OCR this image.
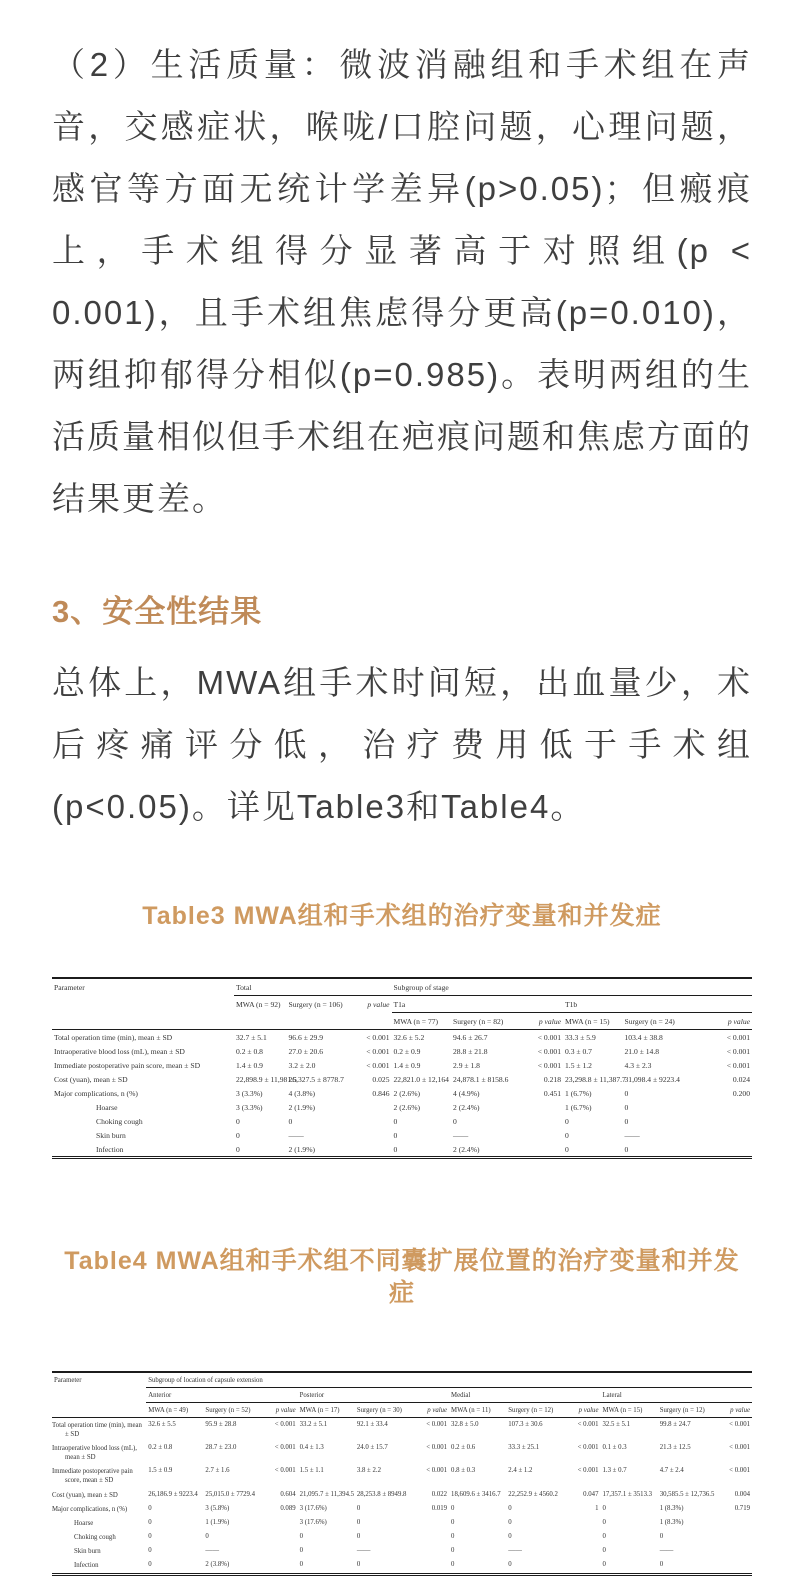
（2）生活质量：微波消融组和手术组在声音，交感症状，喉咙/口腔问题，心理问题，感官等方面无统计学差异(p>0.05)；但瘢痕上，手术组得分显著高于对照组(p < 0.001)，且手术组焦虑得分更高(p=0.010)，两组抑郁得分相似(p=0.985)。表明两组的生活质量相似但手术组在疤痕问题和焦虑方面的结果更差。

3、安全性结果

总体上，MWA组手术时间短，出血量少，术后疼痛评分低，治疗费用低于手术组(p<0.05)。详见Table3和Table4。

Table3 MWA组和手术组的治疗变量和并发症
Parameter	Total			Subgroup of stage					
	MWA (n = 92)	Surgery (n = 106)	p value	T1a			T1b		
				MWA (n = 77)	Surgery (n = 82)	p value	MWA (n = 15)	Surgery (n = 24)	p value
Total operation time (min), mean ± SD	32.7 ± 5.1	96.6 ± 29.9	< 0.001	32.6 ± 5.2	94.6 ± 26.7	< 0.001	33.3 ± 5.9	103.4 ± 38.8	< 0.001
Intraoperative blood loss (mL), mean ± SD	0.2 ± 0.8	27.0 ± 20.6	< 0.001	0.2 ± 0.9	28.8 ± 21.8	< 0.001	0.3 ± 0.7	21.0 ± 14.8	< 0.001
Immediate postoperative pain score, mean ± SD	1.4 ± 0.9	3.2 ± 2.0	< 0.001	1.4 ± 0.9	2.9 ± 1.8	< 0.001	1.5 ± 1.2	4.3 ± 2.3	< 0.001
Cost (yuan), mean ± SD	22,898.9 ± 11,981.5	26,327.5 ± 8778.7	0.025	22,821.0 ± 12,164	24,878.1 ± 8158.6	0.218	23,298.8 ± 11,387.7	31,098.4 ± 9223.4	0.024
Major complications, n (%)	3 (3.3%)	4 (3.8%)	0.846	2 (2.6%)	4 (4.9%)	0.451	1 (6.7%)	0	0.200
Hoarse	3 (3.3%)	2 (1.9%)		2 (2.6%)	2 (2.4%)		1 (6.7%)	0	
Choking cough	0	0		0	0		0	0	
Skin burn	0	——		0	——		0	——	
Infection	0	2 (1.9%)		0	2 (2.4%)		0	0	
Table4 MWA组和手术组不同囊扩展位置的治疗变量和并发症
Parameter	Subgroup of location of capsule extension											
	Anterior			Posterior			Medial			Lateral		
	MWA (n = 49)	Surgery (n = 52)	p value	MWA (n = 17)	Surgery (n = 30)	p value	MWA (n = 11)	Surgery (n = 12)	p value	MWA (n = 15)	Surgery (n = 12)	p value
Total operation time (min), mean ± SD	32.6 ± 5.5	95.9 ± 28.8	< 0.001	33.2 ± 5.1	92.1 ± 33.4	< 0.001	32.8 ± 5.0	107.3 ± 30.6	< 0.001	32.5 ± 5.1	99.8 ± 24.7	< 0.001
Intraoperative blood loss (mL), mean ± SD	0.2 ± 0.8	28.7 ± 23.0	< 0.001	0.4 ± 1.3	24.0 ± 15.7	< 0.001	0.2 ± 0.6	33.3 ± 25.1	< 0.001	0.1 ± 0.3	21.3 ± 12.5	< 0.001
Immediate postoperative pain score, mean ± SD	1.5 ± 0.9	2.7 ± 1.6	< 0.001	1.5 ± 1.1	3.8 ± 2.2	< 0.001	0.8 ± 0.3	2.4 ± 1.2	< 0.001	1.3 ± 0.7	4.7 ± 2.4	< 0.001
Cost (yuan), mean ± SD	26,186.9 ± 9223.4	25,015.0 ± 7729.4	0.604	21,095.7 ± 11,394.5	28,253.8 ± 8949.8	0.022	18,609.6 ± 3416.7	22,252.9 ± 4560.2	0.047	17,357.1 ± 3513.3	30,585.5 ± 12,736.5	0.004
Major complications, n (%)	0	3 (5.8%)	0.089	3 (17.6%)	0	0.019	0	0	1	0	1 (8.3%)	0.719
Hoarse	0	1 (1.9%)		3 (17.6%)	0		0	0		0	1 (8.3%)	
Choking cough	0	0		0	0		0	0		0	0	
Skin burn	0	——		0	——		0	——		0	——	
Infection	0	2 (3.8%)		0	0		0	0		0	0	
